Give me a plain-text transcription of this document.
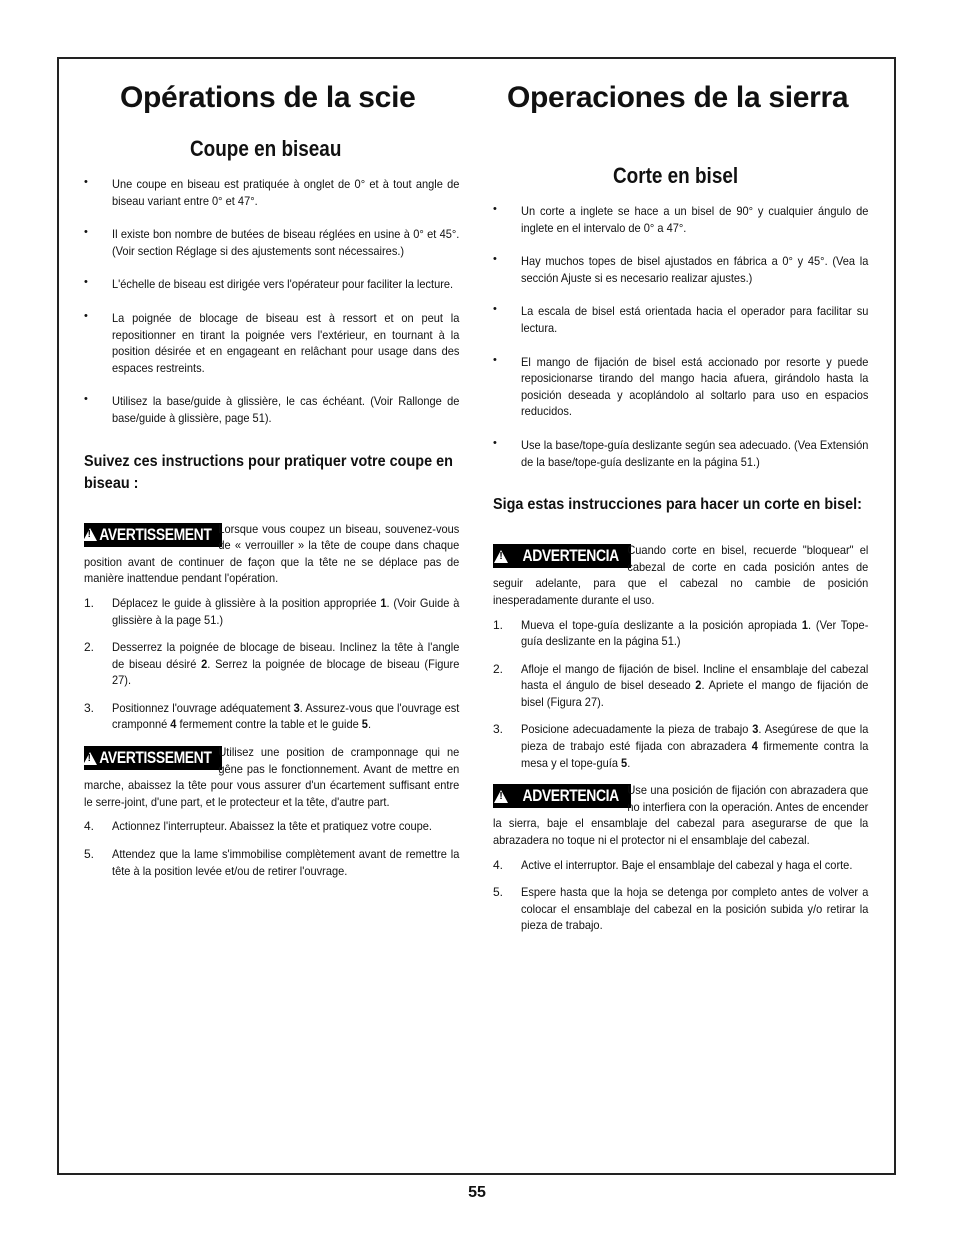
Opérations de la scie
Coupe en biseau
• Une coupe en biseau est pratiquée à onglet de 0° et à tout angle de biseau variant entre 0° et 47°.
• Il existe bon nombre de butées de biseau réglées en usine à 0° et 45°. (Voir section Réglage si des ajustements sont nécessaires.)
• L'échelle de biseau est dirigée vers l'opérateur pour faciliter la lecture.
• La poignée de blocage de biseau est à ressort et on peut la repositionner en tirant la poignée vers l'extérieur, en tournant à la position désirée et en engageant en relâchant pour usage dans des espaces restreints.
• Utilisez la base/guide à glissière, le cas échéant. (Voir Rallonge de base/guide à glissière, page 51).
Suivez ces instructions pour pratiquer votre coupe en biseau :
AVERTISSEMENT Lorsque vous coupez un biseau, souvenez-vous de « verrouiller » la tête de coupe dans chaque position avant de continuer de façon que la tête ne se déplace pas de manière inattendue pendant l'opération.
1. Déplacez le guide à glissière à la position appropriée 1. (Voir Guide à glissière à la page 51.)
2. Desserrez la poignée de blocage de biseau. Inclinez la tête à l'angle de biseau désiré 2. Serrez la poignée de blocage de biseau (Figure 27).
3. Positionnez l'ouvrage adéquatement 3. Assurez-vous que l'ouvrage est cramponné 4 fermement contre la table et le guide 5.
AVERTISSEMENT Utilisez une position de cramponnage qui ne gêne pas le fonctionnement. Avant de mettre en marche, abaissez la tête pour vous assurer d'un écartement suffisant entre le serre-joint, d'une part, et le protecteur et la tête, d'autre part.
4. Actionnez l'interrupteur. Abaissez la tête et pratiquez votre coupe.
5. Attendez que la lame s'immobilise complètement avant de remettre la tête à la position levée et/ou de retirer l'ouvrage.
Operaciones de la sierra
Corte en bisel
• Un corte a inglete se hace a un bisel de 90° y cualquier ángulo de inglete en el intervalo de 0° a 47°.
• Hay muchos topes de bisel ajustados en fábrica a 0° y 45°. (Vea la sección Ajuste si es necesario realizar ajustes.)
• La escala de bisel está orientada hacia el operador para facilitar su lectura.
• El mango de fijación de bisel está accionado por resorte y puede reposicionarse tirando del mango hacia afuera, girándolo hasta la posición deseada y acoplándolo al soltarlo para uso en espacios reducidos.
• Use la base/tope-guía deslizante según sea adecuado. (Vea Extensión de la base/tope-guía deslizante en la página 51.)
Siga estas instrucciones para hacer un corte en bisel:
!
ADVERTENCIA Cuando corte en bisel, recuerde "bloquear" el cabezal de corte en cada posición antes de seguir adelante, para que el cabezal no cambie de posición inesperadamente durante el uso.
1. Mueva el tope-guía deslizante a la posición apropiada 1. (Ver Tope-guía deslizante en la página 51.)
2. Afloje el mango de fijación de bisel. Incline el ensamblaje del cabezal hasta el ángulo de bisel deseado 2. Apriete el mango de fijación de bisel (Figura 27).
3. Posicione adecuadamente la pieza de trabajo 3. Asegúrese de que la pieza de trabajo esté fijada con abrazadera 4 firmemente contra la mesa y el tope-guía 5.
!
ADVERTENCIA Use una posición de fijación con abrazadera que no interfiera con la operación. Antes de encender la sierra, baje el ensamblaje del cabezal para asegurarse de que la abrazadera no toque ni el protector ni el ensamblaje del cabezal.
4. Active el interruptor. Baje el ensamblaje del cabezal y haga el corte.
5. Espere hasta que la hoja se detenga por completo antes de volver a colocar el ensamblaje del cabezal en la posición subida y/o retirar la pieza de trabajo.
55
